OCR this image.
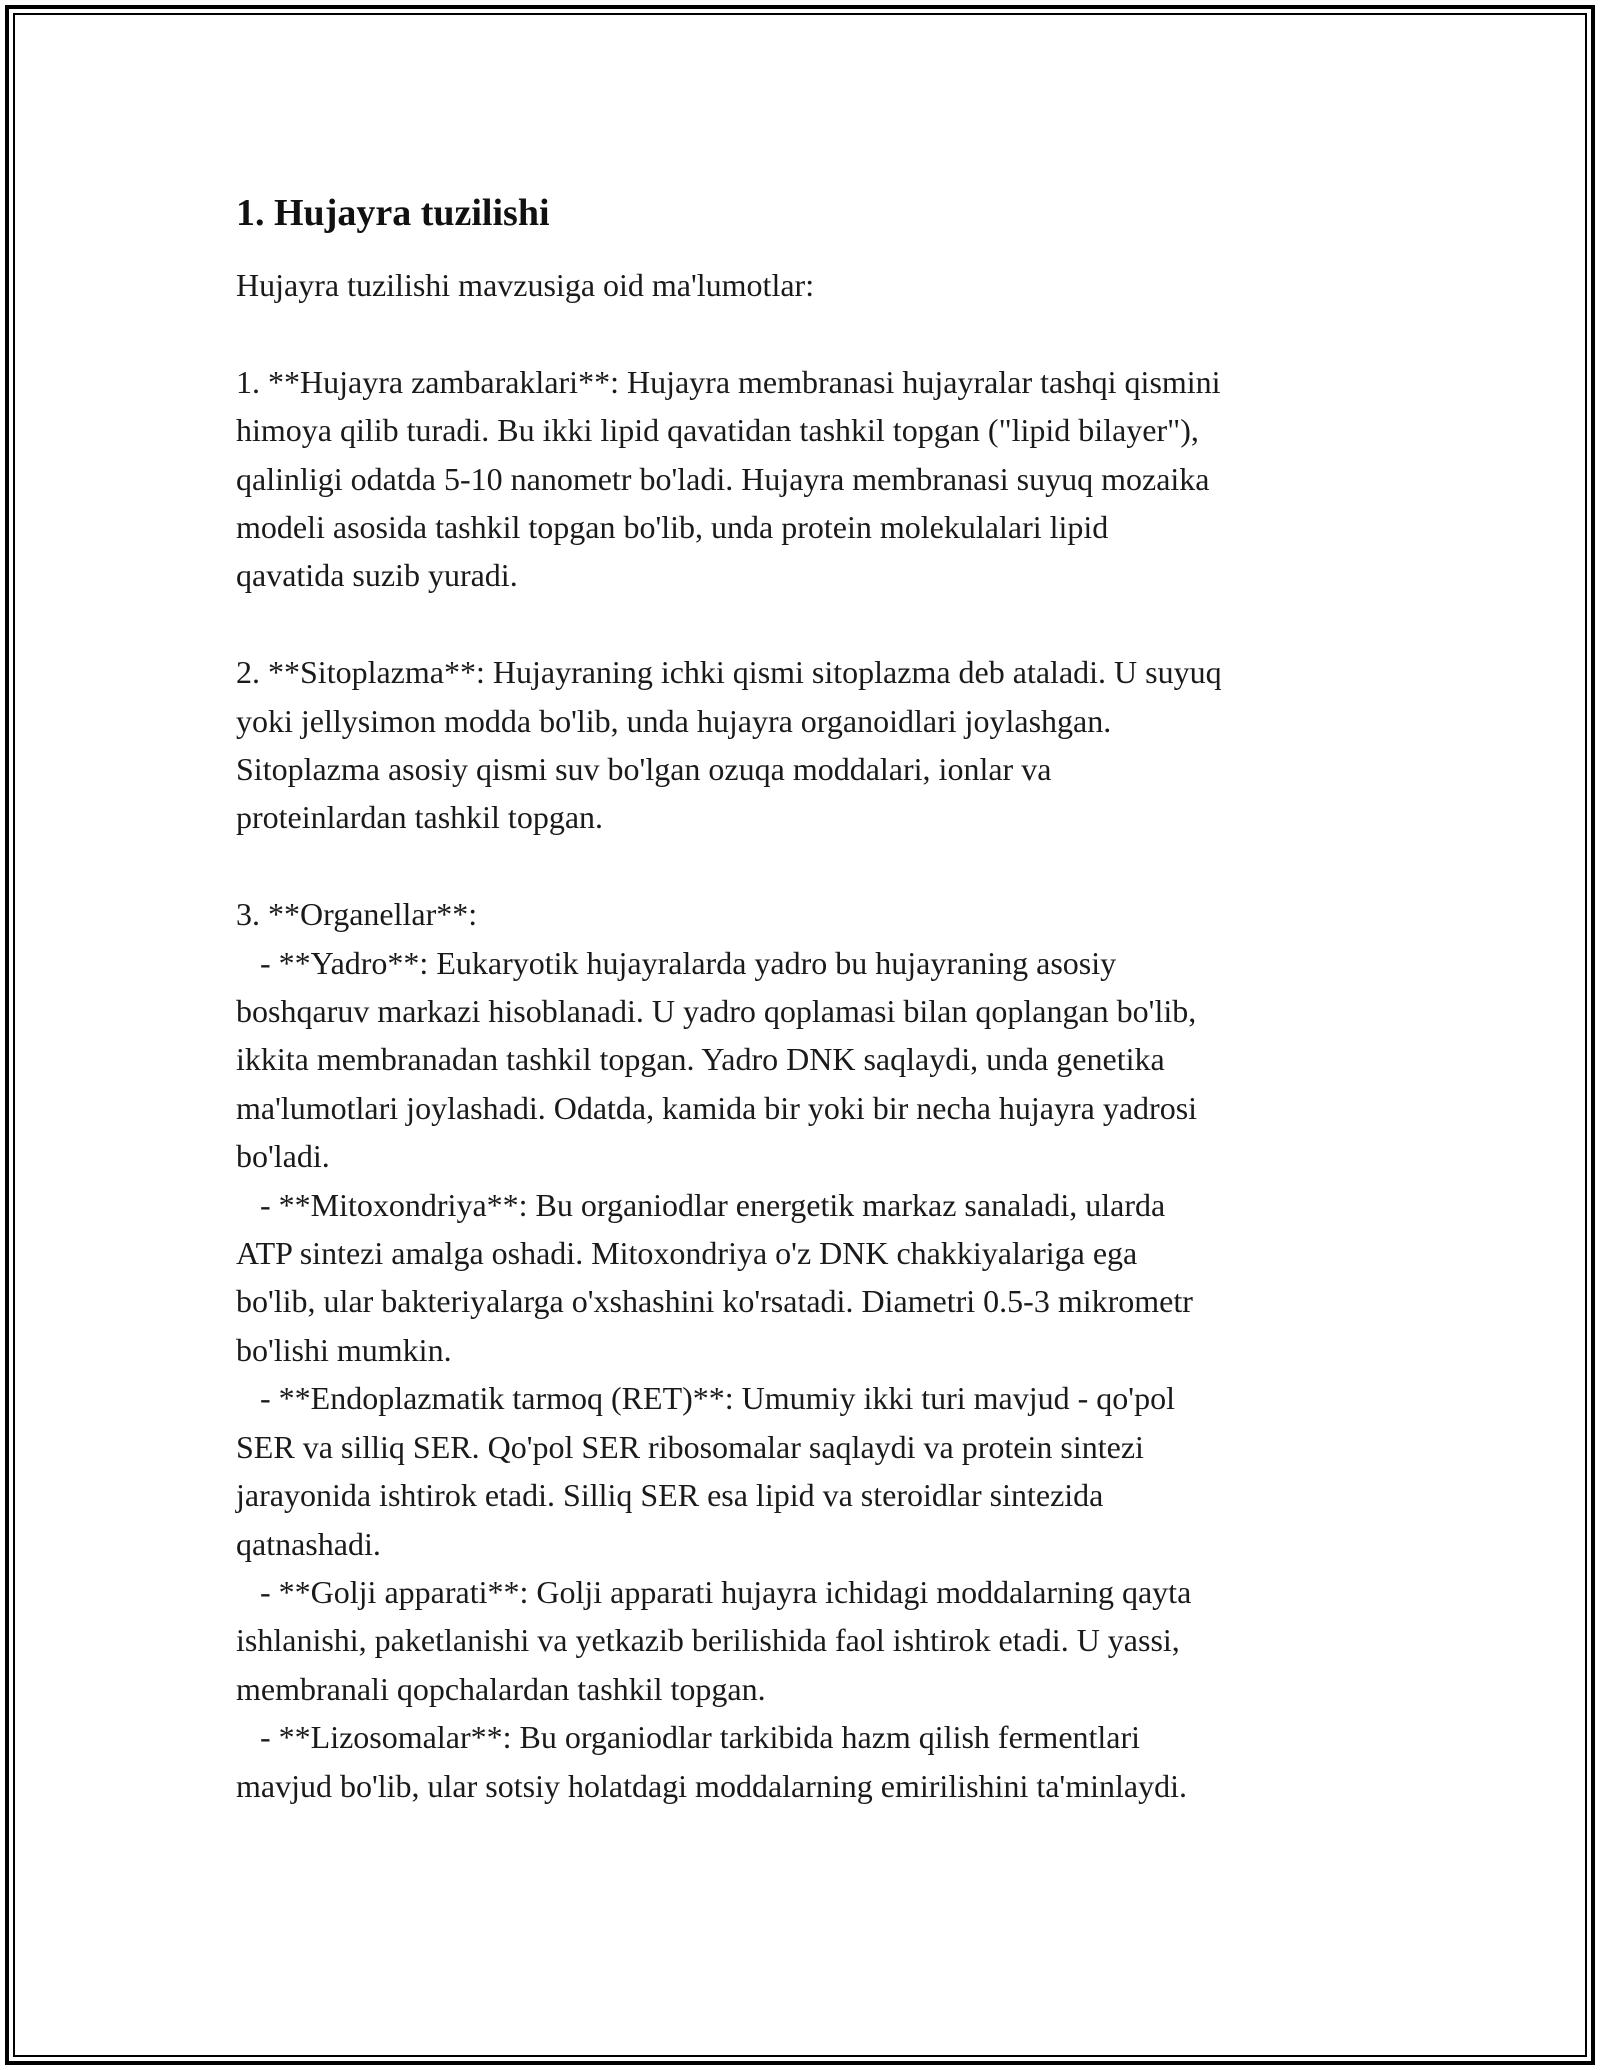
1. Hujayra tuzilishi

Hujayra tuzilishi mavzusiga oid ma'lumotlar:

1. **Hujayra zambaraklari**: Hujayra membranasi hujayralar tashqi qismini

himoya qilib turadi. Bu ikki lipid qavatidan tashkil topgan ("lipid bilayer"),

qalinligi odatda 5-10 nanometr bo'ladi. Hujayra membranasi suyuq mozaika

modeli asosida tashkil topgan bo'lib, unda protein molekulalari lipid

qavatida suzib yuradi.

2. **Sitoplazma**: Hujayraning ichki qismi sitoplazma deb ataladi. U suyuq

yoki jellysimon modda bo'lib, unda hujayra organoidlari joylashgan.

Sitoplazma asosiy qismi suv bo'lgan ozuqa moddalari, ionlar va

proteinlardan tashkil topgan.

3. **Organellar**:

- **Yadro**: Eukaryotik hujayralarda yadro bu hujayraning asosiy

boshqaruv markazi hisoblanadi. U yadro qoplamasi bilan qoplangan bo'lib,

ikkita membranadan tashkil topgan. Yadro DNK saqlaydi, unda genetika

ma'lumotlari joylashadi. Odatda, kamida bir yoki bir necha hujayra yadrosi

bo'ladi.

- **Mitoxondriya**: Bu organiodlar energetik markaz sanaladi, ularda

ATP sintezi amalga oshadi. Mitoxondriya o'z DNK chakkiyalariga ega

bo'lib, ular bakteriyalarga o'xshashini ko'rsatadi. Diametri 0.5-3 mikrometr

bo'lishi mumkin.

- **Endoplazmatik tarmoq (RET)**: Umumiy ikki turi mavjud - qo'pol

SER va silliq SER. Qo'pol SER ribosomalar saqlaydi va protein sintezi

jarayonida ishtirok etadi. Silliq SER esa lipid va steroidlar sintezida

qatnashadi.

- **Golji apparati**: Golji apparati hujayra ichidagi moddalarning qayta

ishlanishi, paketlanishi va yetkazib berilishida faol ishtirok etadi. U yassi,

membranali qopchalardan tashkil topgan.

- **Lizosomalar**: Bu organiodlar tarkibida hazm qilish fermentlari

mavjud bo'lib, ular sotsiy holatdagi moddalarning emirilishini ta'minlaydi.
